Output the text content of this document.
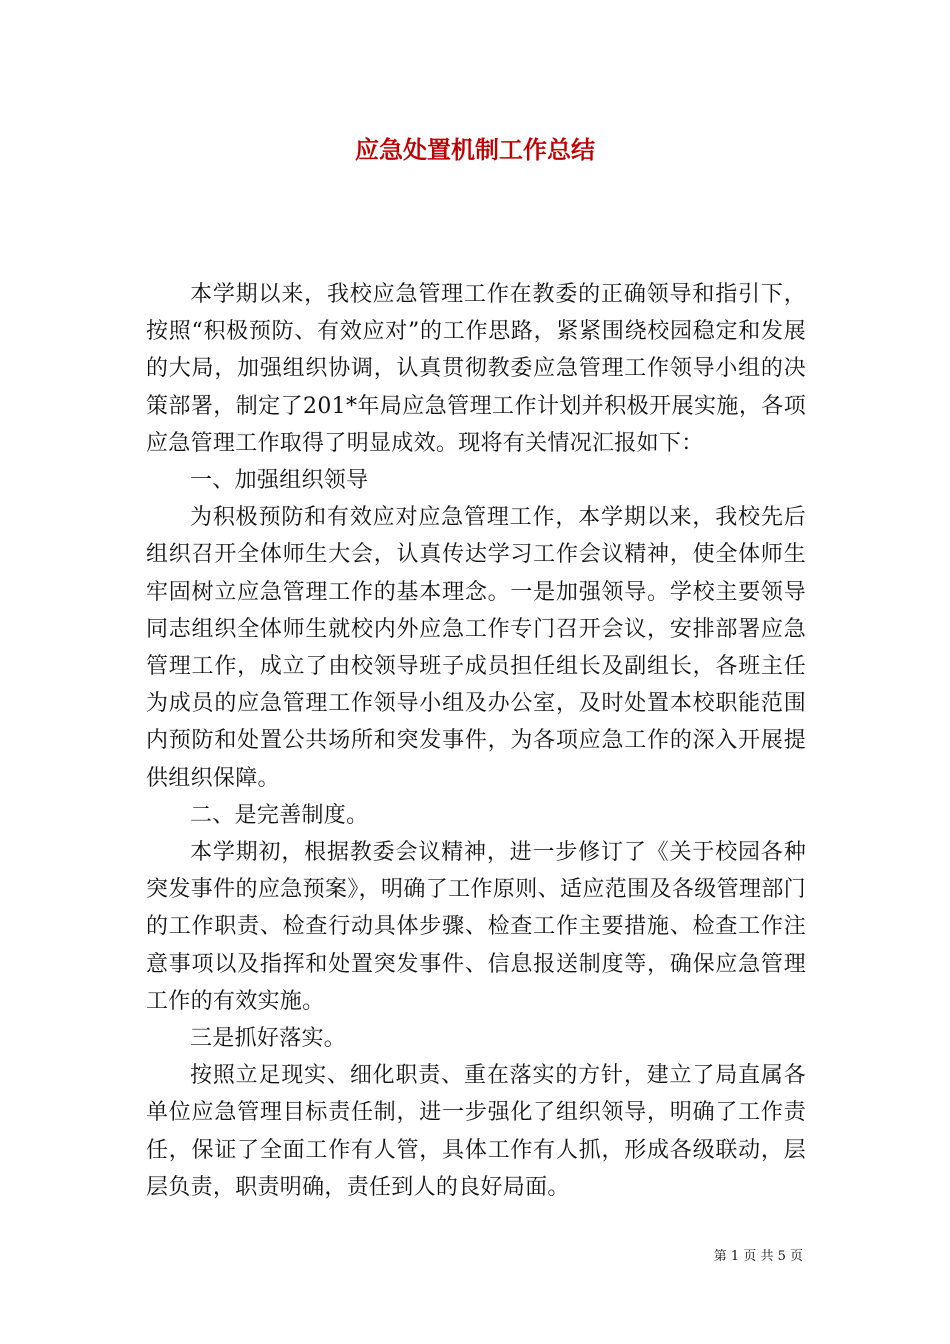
应急处置机制工作总结

本学期以来，我校应急管理工作在教委的正确领导和指引下，按照“积极预防、有效应对”的工作思路，紧紧围绕校园稳定和发展的大局，加强组织协调，认真贯彻教委应急管理工作领导小组的决策部署，制定了201*年局应急管理工作计划并积极开展实施，各项应急管理工作取得了明显成效。现将有关情况汇报如下：

一、加强组织领导

为积极预防和有效应对应急管理工作，本学期以来，我校先后组织召开全体师生大会，认真传达学习工作会议精神，使全体师生牢固树立应急管理工作的基本理念。一是加强领导。学校主要领导同志组织全体师生就校内外应急工作专门召开会议，安排部署应急管理工作，成立了由校领导班子成员担任组长及副组长，各班主任为成员的应急管理工作领导小组及办公室，及时处置本校职能范围内预防和处置公共场所和突发事件，为各项应急工作的深入开展提供组织保障。

二、是完善制度。

本学期初，根据教委会议精神，进一步修订了《关于校园各种突发事件的应急预案》，明确了工作原则、适应范围及各级管理部门的工作职责、检查行动具体步骤、检查工作主要措施、检查工作注意事项以及指挥和处置突发事件、信息报送制度等，确保应急管理工作的有效实施。

三是抓好落实。

按照立足现实、细化职责、重在落实的方针，建立了局直属各单位应急管理目标责任制，进一步强化了组织领导，明确了工作责任，保证了全面工作有人管，具体工作有人抓，形成各级联动，层层负责，职责明确，责任到人的良好局面。

第 1 页 共 5 页
